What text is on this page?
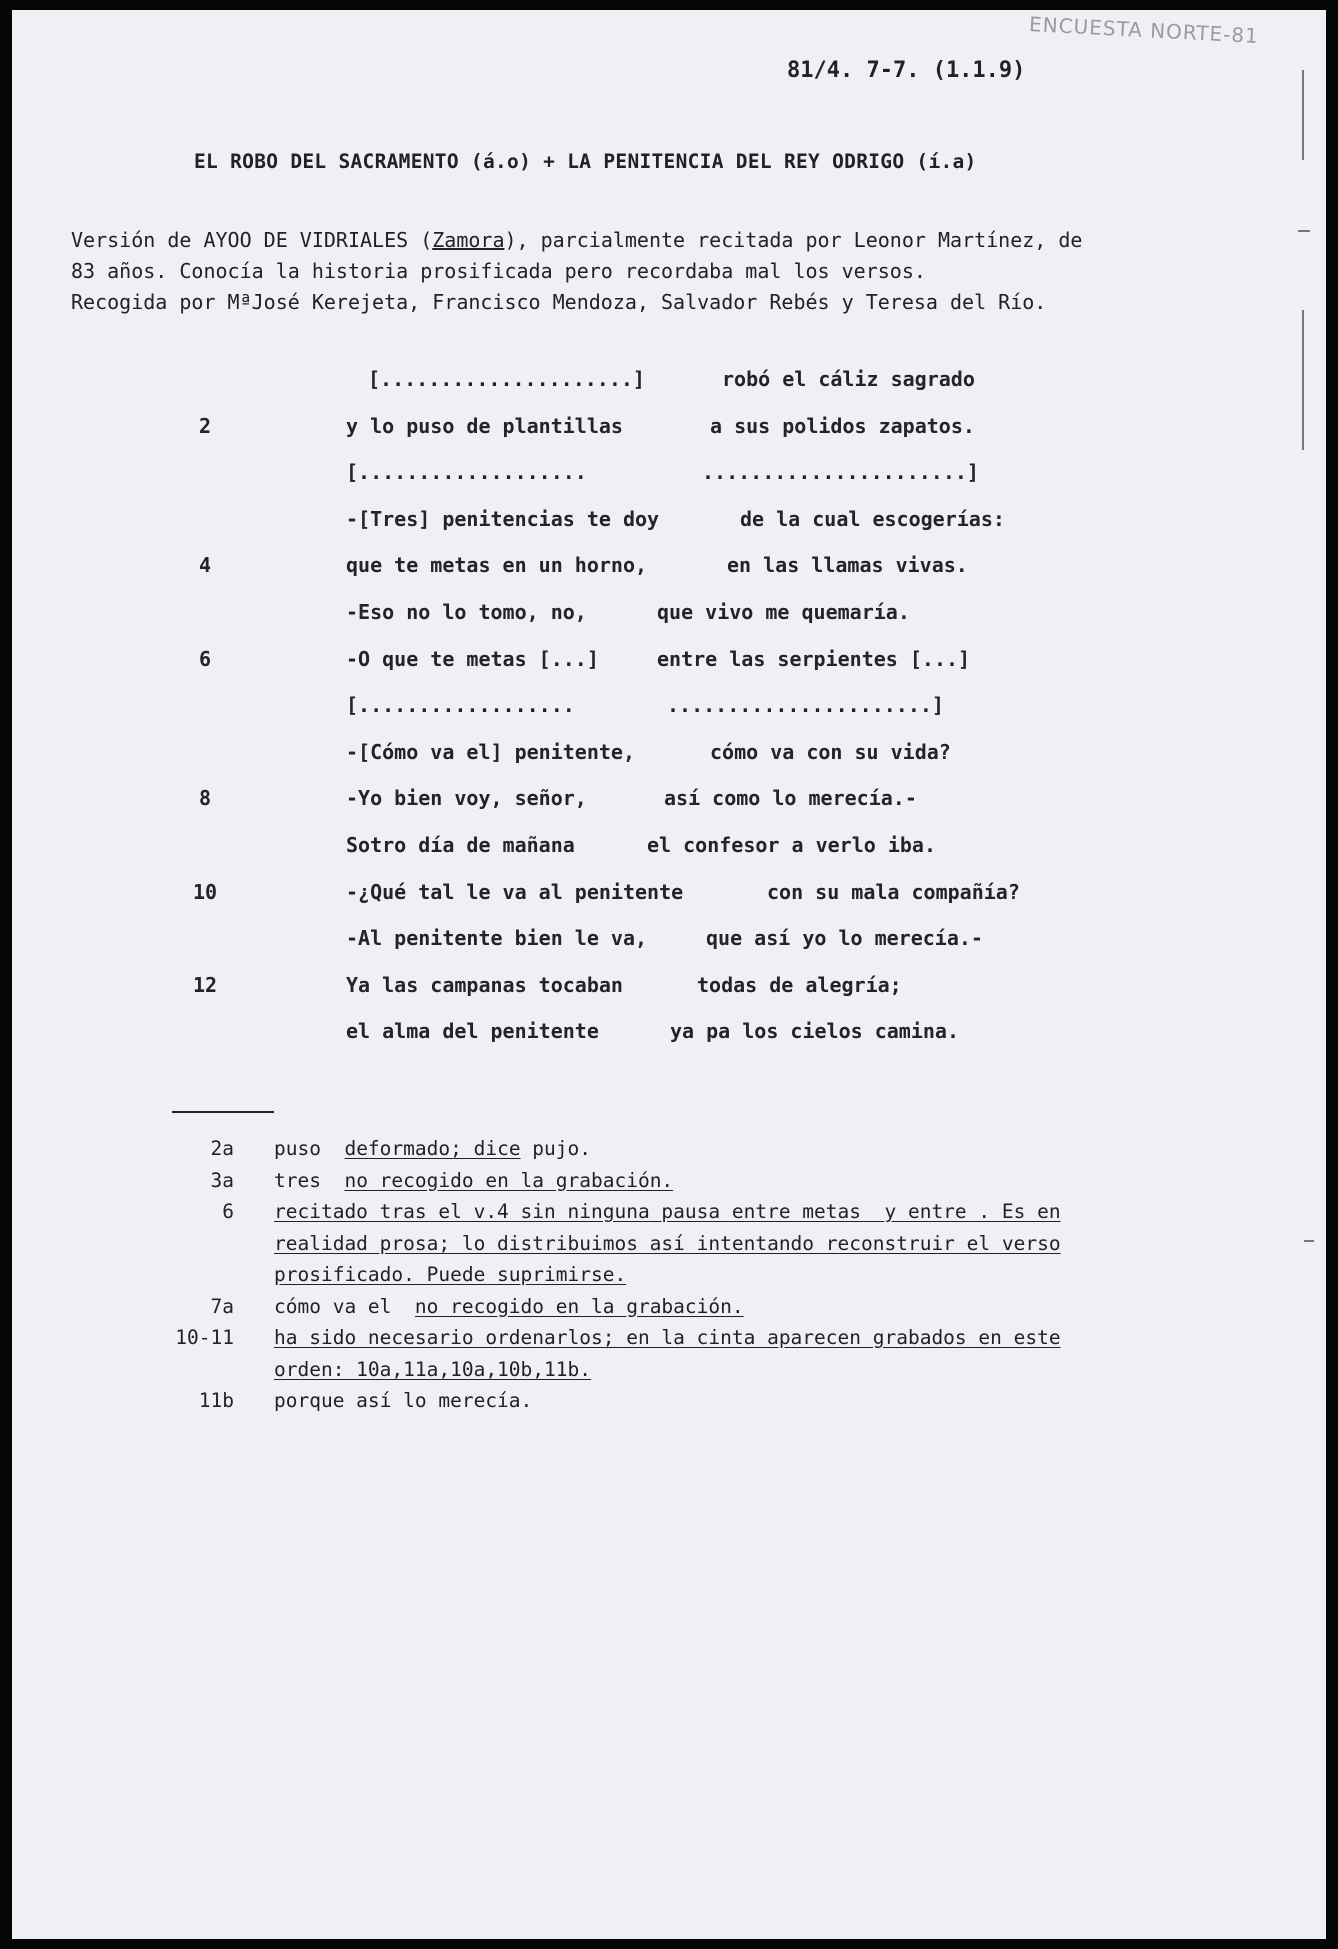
ENCUESTA NORTE-81
81/4. 7-7. (1.1.9)
EL ROBO DEL SACRAMENTO (á.o) + LA PENITENCIA DEL REY ODRIGO (í.a)
Versión de AYOO DE VIDRIALES (Zamora), parcialmente recitada por Leonor Martínez, de
83 años. Conocía la historia prosificada pero recordaba mal los versos.
Recogida por MªJosé Kerejeta, Francisco Mendoza, Salvador Rebés y Teresa del Río.
[.....................]	robó el cáliz sagrado
2	y lo puso de plantillas	a sus polidos zapatos.
[...................	......................]
-[Tres] penitencias te doy	de la cual escogerías:
4	que te metas en un horno,	en las llamas vivas.
-Eso no lo tomo, no,	que vivo me quemaría.
6	-O que te metas [...]	entre las serpientes [...]
[..................	......................]
-[Cómo va el] penitente,	cómo va con su vida?
8	-Yo bien voy, señor,	así como lo merecía.-
Sotro día de mañana	el confesor a verlo iba.
10	-¿Qué tal le va al penitente	con su mala compañía?
-Al penitente bien le va,	que así yo lo merecía.-
12	Ya las campanas tocaban	todas de alegría;
el alma del penitente	ya pa los cielos camina.
2a puso  deformado; dice pujo.
3a tres  no recogido en la grabación.
6 recitado tras el v.4 sin ninguna pausa entre metas  y entre . Es en
realidad prosa; lo distribuimos así intentando reconstruir el verso
prosificado. Puede suprimirse.
7a cómo va el  no recogido en la grabación.
10-11 ha sido necesario ordenarlos; en la cinta aparecen grabados en este
orden: 10a,11a,10a,10b,11b.
11b porque así lo merecía.
